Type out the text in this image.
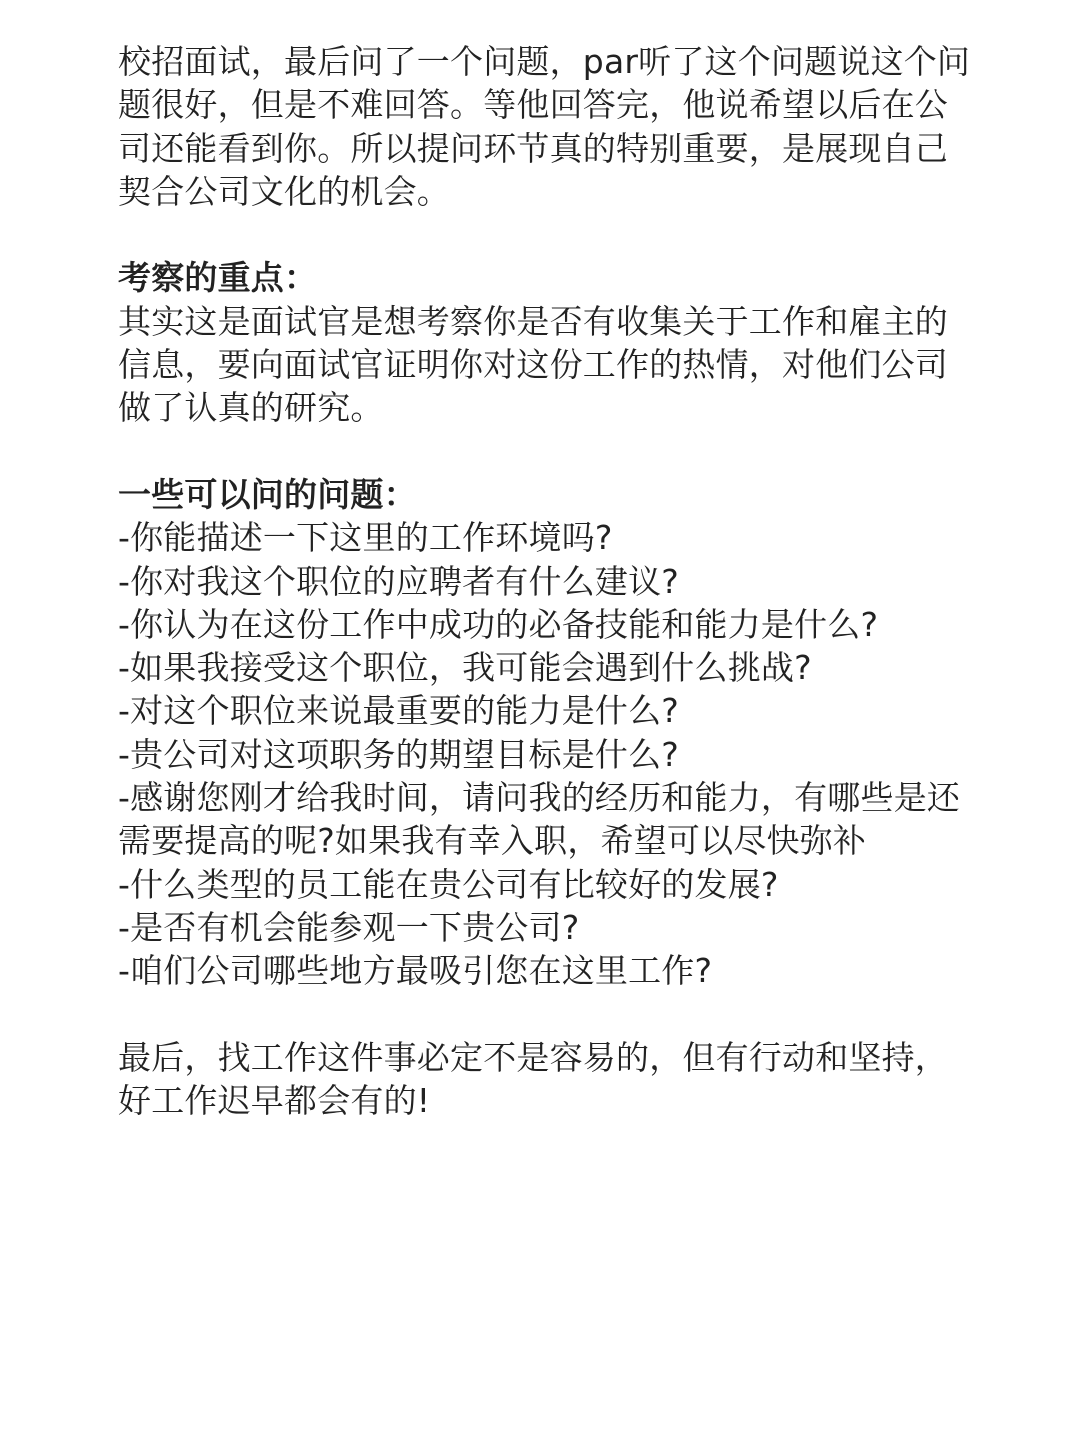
校招面试，最后问了一个问题，par听了这个问题说这个问题很好，但是不难回答。等他回答完，他说希望以后在公司还能看到你。所以提问环节真的特别重要，是展现自己契合公司文化的机会。

考察的重点：

其实这是面试官是想考察你是否有收集关于工作和雇主的信息，要向面试官证明你对这份工作的热情，对他们公司做了认真的研究。

一些可以问的问题：

-你能描述一下这里的工作环境吗?

-你对我这个职位的应聘者有什么建议?

-你认为在这份工作中成功的必备技能和能力是什么?

-如果我接受这个职位，我可能会遇到什么挑战?

-对这个职位来说最重要的能力是什么?

-贵公司对这项职务的期望目标是什么?

-感谢您刚才给我时间，请问我的经历和能力，有哪些是还需要提高的呢?如果我有幸入职，希望可以尽快弥补

-什么类型的员工能在贵公司有比较好的发展?

-是否有机会能参观一下贵公司?

-咱们公司哪些地方最吸引您在这里工作?

最后，找工作这件事必定不是容易的，但有行动和坚持，好工作迟早都会有的!
